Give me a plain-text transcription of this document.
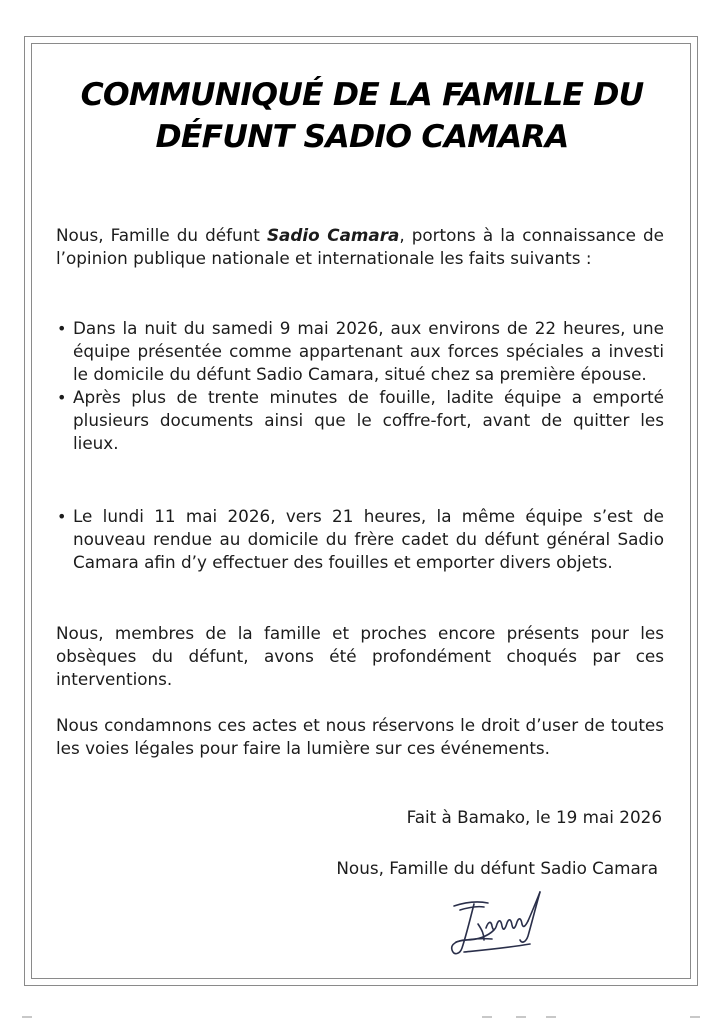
COMMUNIQUÉ DE LA FAMILLE DU
DÉFUNT SADIO CAMARA

Nous, Famille du défunt Sadio Camara, portons à la connaissance de l’opinion publique nationale et internationale les faits suivants :

• Dans la nuit du samedi 9 mai 2026, aux environs de 22 heures, une équipe présentée comme appartenant aux forces spéciales a investi le domicile du défunt Sadio Camara, situé chez sa première épouse.
• Après plus de trente minutes de fouille, ladite équipe a emporté plusieurs documents ainsi que le coffre-fort, avant de quitter les lieux.
• Le lundi 11 mai 2026, vers 21 heures, la même équipe s’est de nouveau rendue au domicile du frère cadet du défunt général Sadio Camara afin d’y effectuer des fouilles et emporter divers objets.

Nous, membres de la famille et proches encore présents pour les obsèques du défunt, avons été profondément choqués par ces interventions.

Nous condamnons ces actes et nous réservons le droit d’user de toutes les voies légales pour faire la lumière sur ces événements.

Fait à Bamako, le 19 mai 2026
Nous, Famille du défunt Sadio Camara
